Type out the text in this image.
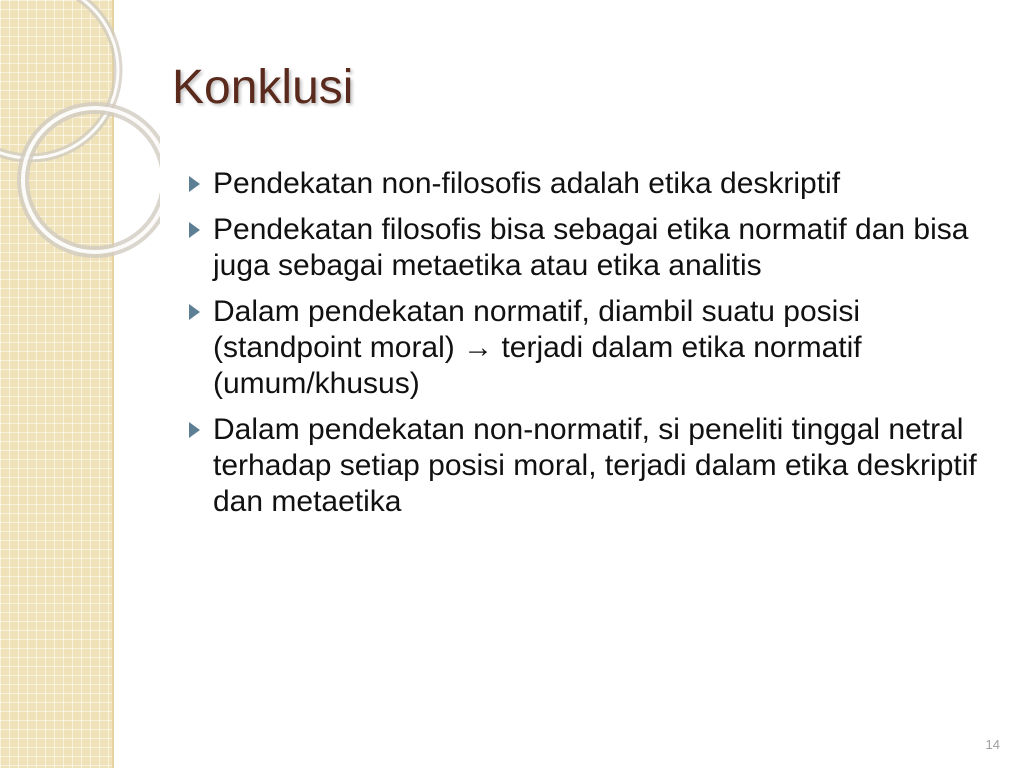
Konklusi
Pendekatan non-filosofis adalah etika deskriptif
Pendekatan filosofis bisa sebagai etika normatif dan bisa juga sebagai metaetika atau etika analitis
Dalam pendekatan normatif, diambil suatu posisi (standpoint moral) → terjadi dalam etika normatif (umum/khusus)
Dalam pendekatan non-normatif, si peneliti tinggal netral terhadap setiap posisi moral, terjadi dalam etika deskriptif dan metaetika
14
